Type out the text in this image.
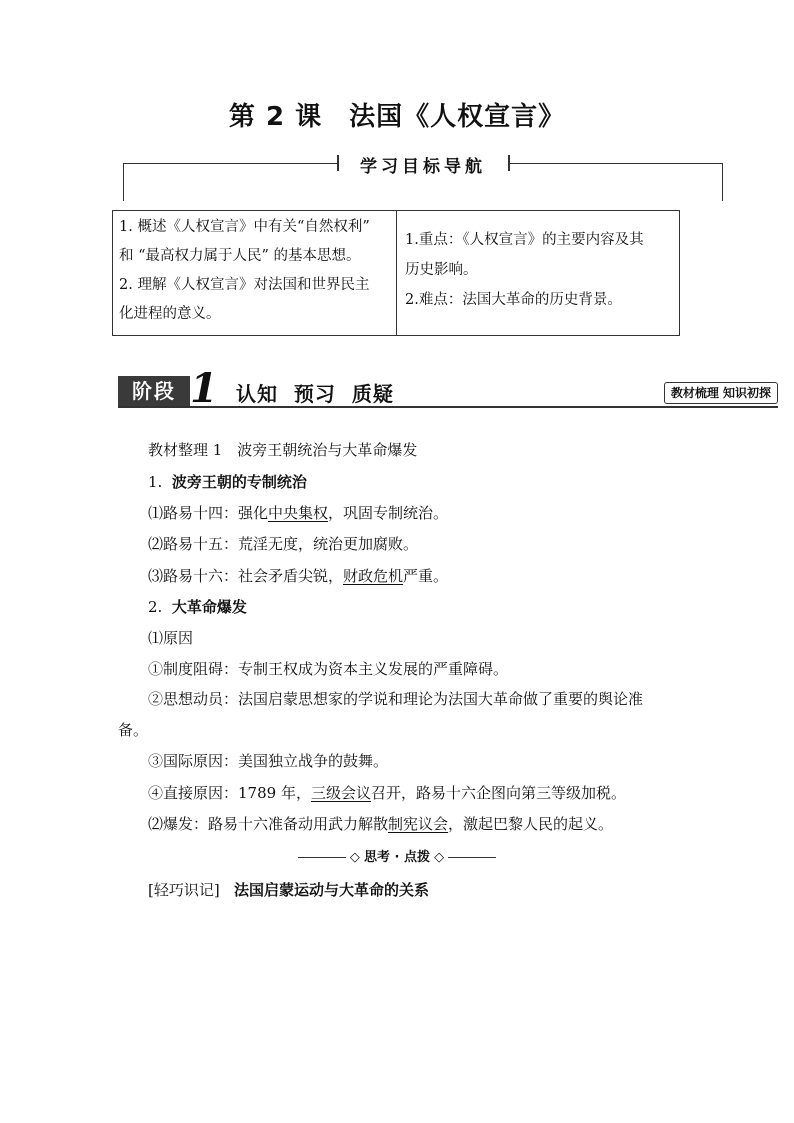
第 2 课　法国《人权宣言》
学习目标导航
1. 概述《人权宣言》中有关“自然权利”
和 “最高权力属于人民” 的基本思想。
2. 理解《人权宣言》对法国和世界民主
化进程的意义。
1.重点：《人权宣言》的主要内容及其
历史影响。
2.难点：法国大革命的历史背景。
阶段 1 认知  预习  质疑	教材梳理 知识初探
教材整理 1　波旁王朝统治与大革命爆发
1. 波旁王朝的专制统治
⑴路易十四：强化中央集权，巩固专制统治。
⑵路易十五：荒淫无度，统治更加腐败。
⑶路易十六：社会矛盾尖锐，财政危机严重。
2. 大革命爆发
⑴原因
①制度阻碍：专制王权成为资本主义发展的严重障碍。
②思想动员：法国启蒙思想家的学说和理论为法国大革命做了重要的舆论准
备。
③国际原因：美国独立战争的鼓舞。
④直接原因：1789 年，三级会议召开，路易十六企图向第三等级加税。
⑵爆发：路易十六准备动用武力解散制宪议会，激起巴黎人民的起义。
◇ 思考 · 点拨 ◇
[轻巧识记] 法国启蒙运动与大革命的关系
